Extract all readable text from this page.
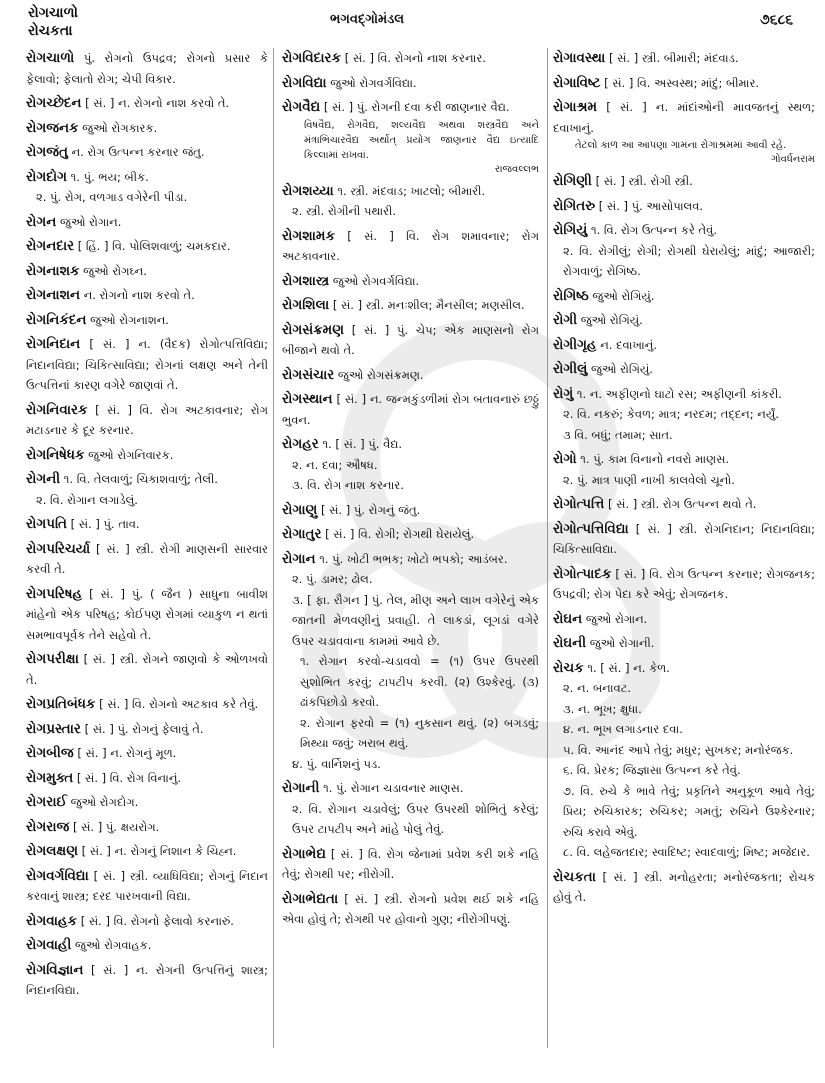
રોગચાળો
રોચકતા
ભગવદ્ગોમંડલ	૭૬૮૬
રોગચાળો પું. રોગનો ઉપદ્રવ; રોગનો પ્રસાર કે ફેલાવો; ફેલાતો રોગ; ચેપી વિકાર.
રોગચ્છેદન [ સં. ] ન. રોગનો નાશ કરવો તે.
રોગજનક જુઓ રોગકારક.
રોગજંતુ ન. રોગ ઉત્પન્ન કરનાર જંતુ.
રોગદોગ ૧. પું. ભય; બીક.
૨. પું. રોગ, વળગાડ વગેરેની પીડા.
રોગન જુઓ રોગાન.
રોગનદાર [ હિં. ] વિ. પોલિશવાળું; ચમકદાર.
રોગનાશક જુઓ રોગઘ્ન.
રોગનાશન ન. રોગનો નાશ કરવો તે.
રોગનિકંદન જુઓ રોગનાશન.
રોગનિદાન [ સં. ] ન. (વૈદક) રોગોત્પત્તિવિદ્યા; નિદાનવિદ્યા; ચિકિત્સાવિદ્યા; રોગનાં લક્ષણ અને તેની ઉત્પત્તિનાં કારણ વગેરે જાણવાં તે.
રોગનિવારક [ સં. ] વિ. રોગ અટકાવનાર; રોગ મટાડનાર કે દૂર કરનાર.
રોગનિષેધક જુઓ રોગનિવારક.
રોગની ૧. વિ. તેલવાળું; ચિકાશવાળું; તેલી.
૨. વિ. રોગાન લગાડેલું.
રોગપતિ [ સં. ] પું. તાવ.
રોગપરિચર્યા [ સં. ] સ્ત્રી. રોગી માણસની સારવાર કરવી તે.
રોગપરિષહ [ સં. ] પું. ( જૈન ) સાધુના બાવીશ માંહેનો એક પરિષહ; કોઈપણ રોગમાં વ્યાકુળ ન થતાં સમભાવપૂર્વક તેને સહેવો તે.
રોગપરીક્ષા [ સં. ] સ્ત્રી. રોગને જાણવો કે ઓળખવો તે.
રોગપ્રતિબંધક [ સં. ] વિ. રોગનો અટકાવ કરે તેવું.
રોગપ્રસ્તાર [ સં. ] પું. રોગનું ફેલાવું તે.
રોગબીજ [ સં. ] ન. રોગનું મૂળ.
રોગમુક્ત [ સં. ] વિ. રોગ વિનાનું.
રોગરાઈ જુઓ રોગદોગ.
રોગરાજ [ સં. ] પું. ક્ષયરોગ.
રોગલક્ષણ [ સં. ] ન. રોગનું નિશાન કે ચિહ્ન.
રોગવર્ગવિદ્યા [ સં. ] સ્ત્રી. વ્યાધિવિદ્યા; રોગનું નિદાન કરવાનું શાસ્ત્ર; દરદ પારખવાની વિદ્યા.
રોગવાહક [ સં. ] વિ. રોગનો ફેલાવો કરનારું.
રોગવાહી જુઓ રોગવાહક.
રોગવિજ્ઞાન [ સં. ] ન. રોગની ઉત્પત્તિનું શાસ્ત્ર; નિદાનવિદ્યા.
રોગવિદારક [ સં. ] વિ. રોગનો નાશ કરનાર.
રોગવિદ્યા જુઓ રોગવર્ગવિદ્યા.
રોગવૈદ્ય [ સં. ] પું. રોગની દવા કરી જાણનાર વૈદ્ય.
વિષવૈદ્ય, રોગવૈદ્ય, શલ્યવૈદ્ય અથવા શસ્ત્રવૈદ્ય અને મંત્રાભિચારવૈદ્ય અર્થાત્ પ્રયોગ જાણનાર વૈદ્ય ઇત્યાદિ કિલ્લામાં રાખવાં.
રાજવલ્લભ
રોગશય્યા ૧. સ્ત્રી. મંદવાડ; ખાટલો; બીમારી.
૨. સ્ત્રી. રોગીની પથારી.
રોગશામક [ સં. ] વિ. રોગ શમાવનાર; રોગ અટકાવનાર.
રોગશાસ્ત્ર જુઓ રોગવર્ગવિદ્યા.
રોગશિલા [ સં. ] સ્ત્રી. મનઃશીલ; મૈનસીલ; મણસીલ.
રોગસંક્રમણ [ સં. ] પું. ચેપ; એક માણસનો રોગ બીજાને થવો તે.
રોગસંચાર જુઓ રોગસંક્રમણ.
રોગસ્થાન [ સં. ] ન. જન્મકુંડળીમાં રોગ બતાવનારું છઠ્ઠું ભુવન.
રોગહર ૧. [ સં. ] પું. વૈદ્ય.
૨. ન. દવા; ઔષધ.
૩. વિ. રોગ નાશ કરનાર.
રોગાણુ [ સં. ] પું. રોગનું જંતુ.
રોગાતુર [ સં. ] વિ. રોગી; રોગથી ઘેરાયેલું.
રોગાન ૧. પું. ખોટી ભભક; ખોટો ભપકો; આડંબર.
૨. પું. ડામર; ઢોલ.
૩. [ ફા. રૌગન ] પું. તેલ, મીણ અને લાખ વગેરેનું એક જાતની મેળવણીનું પ્રવાહી. તે લાકડાં, લૂગડાં વગેરે ઉપર ચડાવવાના કામમાં આવે છે.
૧. રોગાન કરવો-ચડાવવો = (૧) ઉપર ઉપરથી સુશોભિત કરવું; ટાપટીપ કરવી. (૨) ઉશ્કેરવું. (૩) ઢાંકપિછોડો કરવો.
૨. રોગાન ફરવો = (૧) નુકસાન થવું. (૨) બગડવું; મિથ્યા જવું; ખરાબ થવું.
૪. પું. વાર્નિશનું પડ.
રોગાની ૧. પું. રોગાન ચડાવનાર માણસ.
૨. વિ. રોગાન ચડાવેલું; ઉપર ઉપરથી શોભિતું કરેલું; ઉપર ટાપટીપ અને માંહે પોલું તેવું.
રોગાભેદ્ય [ સં. ] વિ. રોગ જેનામાં પ્રવેશ કરી શકે નહિ તેવું; રોગથી પર; નીરોગી.
રોગાભેદ્યતા [ સં. ] સ્ત્રી. રોગનો પ્રવેશ થઈ શકે નહિ એવા હોવું તે; રોગથી પર હોવાનો ગુણ; નીરોગીપણું.
રોગાવસ્થા [ સં. ] સ્ત્રી. બીમારી; મંદવાડ.
રોગાવિષ્ટ [ સં. ] વિ. અસ્વસ્થ; માંદું; બીમાર.
રોગાશ્રમ [ સં. ] ન. માંદાંઓની માવજતનું સ્થળ; દવાખાનું.
તેટલો કાળ આ આપણા ગામના રોગાશ્રમમાં આવી રહે.
ગોવર્ધનરામ
રોગિણી [ સં. ] સ્ત્રી. રોગી સ્ત્રી.
રોગિતરુ [ સં. ] પું. આસોપાલવ.
રોગિયું ૧. વિ. રોગ ઉત્પન્ન કરે તેવું.
૨. વિ. રોગીલું; રોગી; રોગથી ઘેરાયેલું; માંદું; આજારી; રોગવાળું; રોગિષ્ઠ.
રોગિષ્ઠ જુઓ રોગિયું.
રોગી જુઓ રોગિયું.
રોગીગૃહ ન. દવાખાનું.
રોગીલું જુઓ રોગિયું.
રોગું ૧. ન. અફીણનો ઘાટો રસ; અફીણની કાંકરી.
૨. વિ. નકરું; કેવળ; માત્ર; નરદમ; તદ્દન; નર્યું.
૩ વિ. બધું; તમામ; સાત.
રોગો ૧. પું. કામ વિનાનો નવરો માણસ.
૨. પું. માત્ર પાણી નાખી કાલવેલો ચૂનો.
રોગોત્પત્તિ [ સં. ] સ્ત્રી. રોગ ઉત્પન્ન થવો તે.
રોગોત્પત્તિવિદ્યા [ સં. ] સ્ત્રી. રોગનિદાન; નિદાનવિદ્યા; ચિકિત્સાવિદ્યા.
રોગોત્પાદક [ સં. ] વિ. રોગ ઉત્પન્ન કરનાર; રોગજનક; ઉપદ્રવી; રોગ પેદા કરે એવું; રોગજનક.
રોઘન જુઓ રોગાન.
રોઘની જુઓ રોગાની.
રોચક ૧. [ સં. ] ન. કેળ.
૨. ન. બનાવટ.
૩. ન. ભૂખ; ક્ષુધા.
૪. ન. ભૂખ લગાડનાર દવા.
૫. વિ. આનંદ આપે તેવું; મધુર; સુખકર; મનોરંજક.
૬. વિ. પ્રેરક; જિજ્ઞાસા ઉત્પન્ન કરે તેવું.
૭. વિ. રુચે કે ભાવે તેવું; પ્રકૃતિને અનુકૂળ આવે તેવું; પ્રિય; રુચિકારક; રુચિકર; ગમતું; રુચિને ઉશ્કેરનાર; રુચિ કરાવે એવું.
૮. વિ. લહેજતદાર; સ્વાદિષ્ટ; સ્વાદવાળું; મિષ્ટ; મજેદાર.
રોચકતા [ સં. ] સ્ત્રી. મનોહરતા; મનોરંજકતા; રોચક હોવું તે.
